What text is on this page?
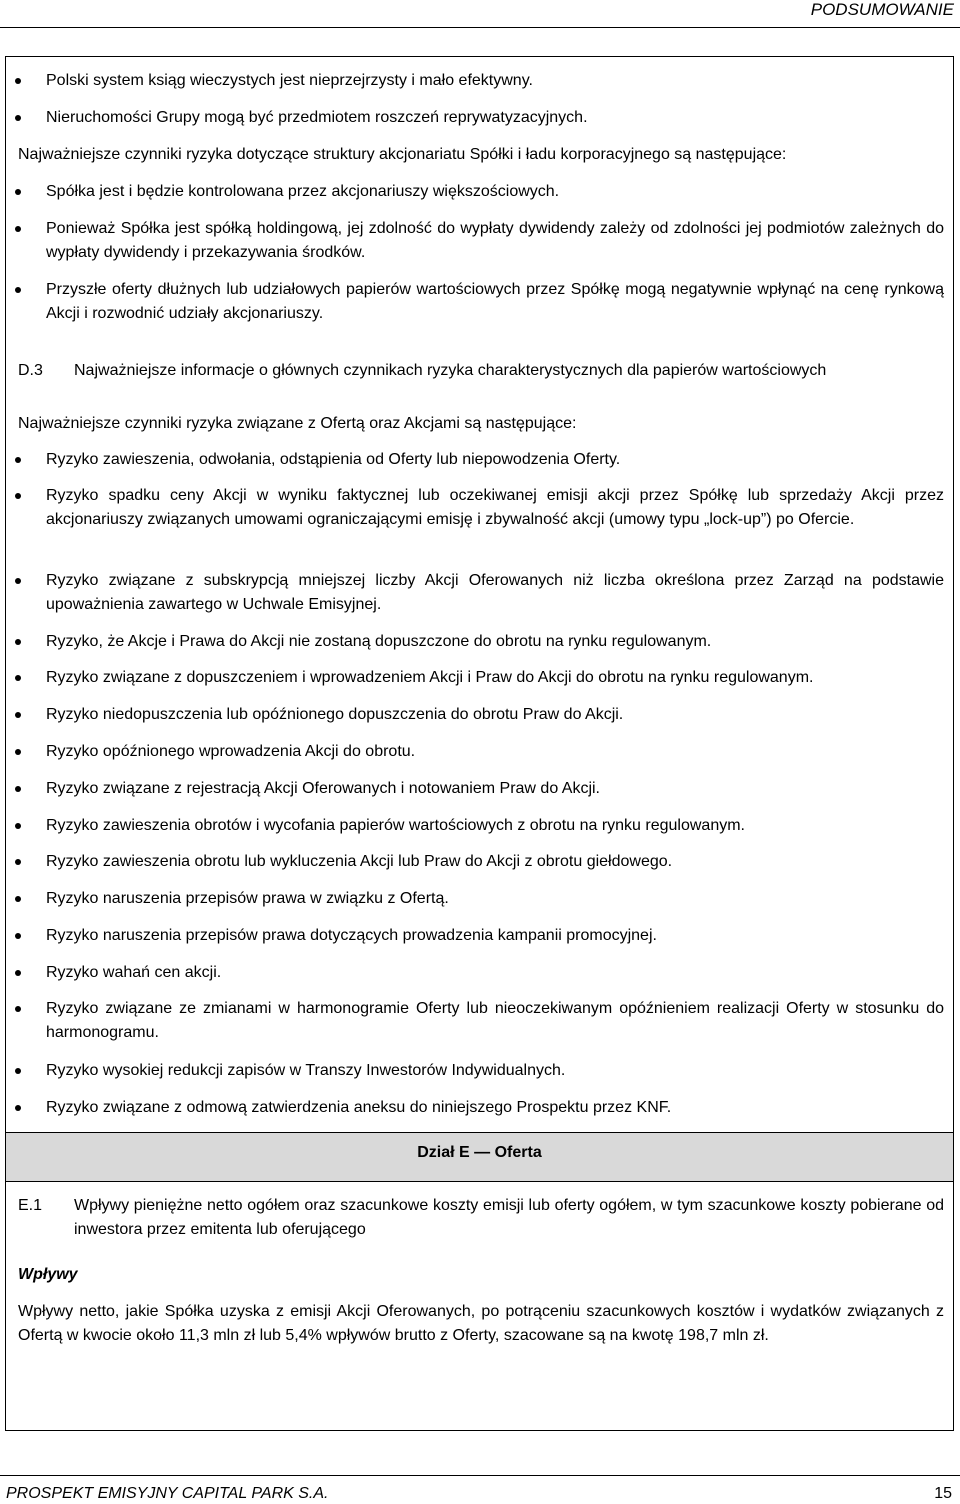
PODSUMOWANIE
Polski system ksiąg wieczystych jest nieprzejrzysty i mało efektywny.
Nieruchomości Grupy mogą być przedmiotem roszczeń reprywatyzacyjnych.
Najważniejsze czynniki ryzyka dotyczące struktury akcjonariatu Spółki i ładu korporacyjnego są następujące:
Spółka jest i będzie kontrolowana przez akcjonariuszy większościowych.
Ponieważ Spółka jest spółką holdingową, jej zdolność do wypłaty dywidendy zależy od zdolności jej podmiotów zależnych do wypłaty dywidendy i przekazywania środków.
Przyszłe oferty dłużnych lub udziałowych papierów wartościowych przez Spółkę mogą negatywnie wpłynąć na cenę rynkową Akcji i rozwodnić udziały akcjonariuszy.
D.3 Najważniejsze informacje o głównych czynnikach ryzyka charakterystycznych dla papierów wartościowych
Najważniejsze czynniki ryzyka związane z Ofertą oraz Akcjami są następujące:
Ryzyko zawieszenia, odwołania, odstąpienia od Oferty lub niepowodzenia Oferty.
Ryzyko spadku ceny Akcji w wyniku faktycznej lub oczekiwanej emisji akcji przez Spółkę lub sprzedaży Akcji przez akcjonariuszy związanych umowami ograniczającymi emisję i zbywalność akcji (umowy typu „lock-up”) po Ofercie.
Ryzyko związane z subskrypcją mniejszej liczby Akcji Oferowanych niż liczba określona przez Zarząd na podstawie upoważnienia zawartego w Uchwale Emisyjnej.
Ryzyko, że Akcje i Prawa do Akcji nie zostaną dopuszczone do obrotu na rynku regulowanym.
Ryzyko związane z dopuszczeniem i wprowadzeniem Akcji i Praw do Akcji do obrotu na rynku regulowanym.
Ryzyko niedopuszczenia lub opóźnionego dopuszczenia do obrotu Praw do Akcji.
Ryzyko opóźnionego wprowadzenia Akcji do obrotu.
Ryzyko związane z rejestracją Akcji Oferowanych i notowaniem Praw do Akcji.
Ryzyko zawieszenia obrotów i wycofania papierów wartościowych z obrotu na rynku regulowanym.
Ryzyko zawieszenia obrotu lub wykluczenia Akcji lub Praw do Akcji z obrotu giełdowego.
Ryzyko naruszenia przepisów prawa w związku z Ofertą.
Ryzyko naruszenia przepisów prawa dotyczących prowadzenia kampanii promocyjnej.
Ryzyko wahań cen akcji.
Ryzyko związane ze zmianami w harmonogramie Oferty lub nieoczekiwanym opóźnieniem realizacji Oferty w stosunku do harmonogramu.
Ryzyko wysokiej redukcji zapisów w Transzy Inwestorów Indywidualnych.
Ryzyko związane z odmową zatwierdzenia aneksu do niniejszego Prospektu przez KNF.
Dział E — Oferta
E.1 Wpływy pieniężne netto ogółem oraz szacunkowe koszty emisji lub oferty ogółem, w tym szacunkowe koszty pobierane od inwestora przez emitenta lub oferującego
Wpływy
Wpływy netto, jakie Spółka uzyska z emisji Akcji Oferowanych, po potrąceniu szacunkowych kosztów i wydatków związanych z Ofertą w kwocie około 11,3 mln zł lub 5,4% wpływów brutto z Oferty, szacowane są na kwotę 198,7 mln zł.
PROSPEKT EMISYJNY CAPITAL PARK S.A.	15
